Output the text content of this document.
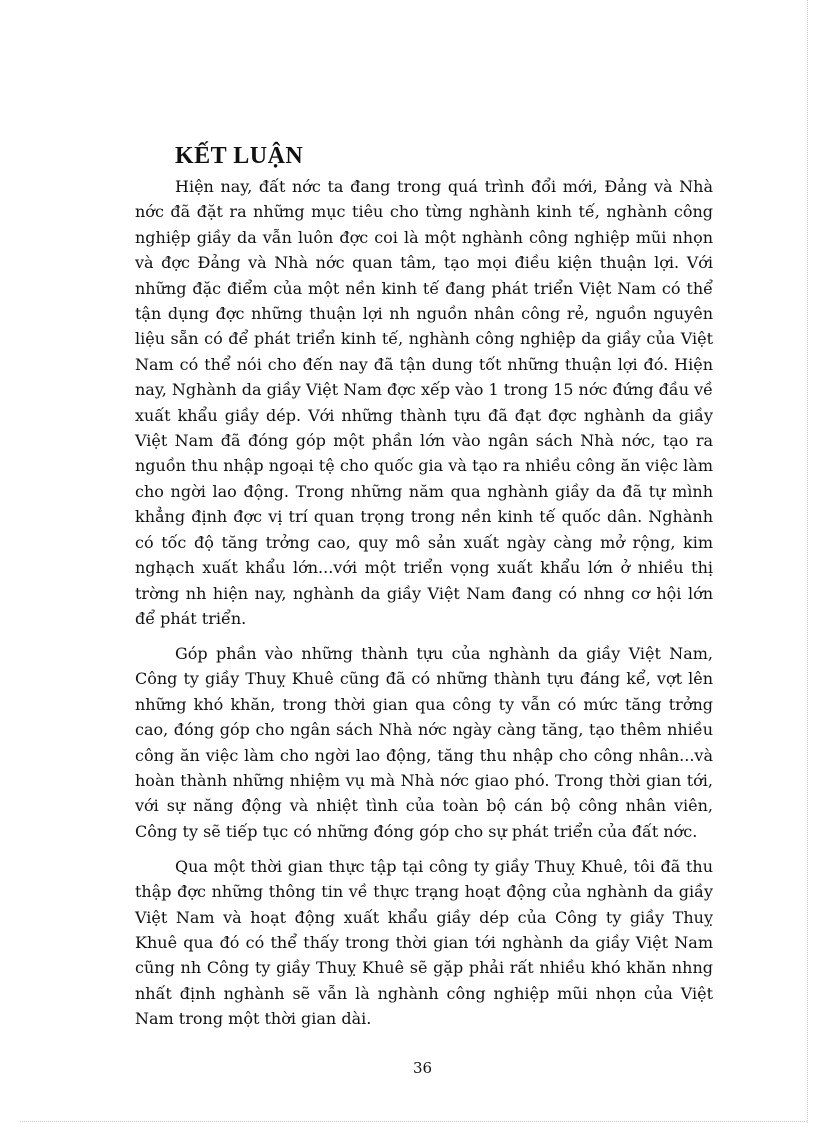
KẾT LUẬN

Hiện nay, đất nớc ta đang trong quá trình đổi mới, Đảng và Nhà nớc đã đặt ra những mục tiêu cho từng nghành kinh tế, nghành công nghiệp giầy da vẫn luôn đợc coi là một nghành công nghiệp mũi nhọn và đợc Đảng và Nhà nớc quan tâm, tạo mọi điều kiện thuận lợi. Với những đặc điểm của một nền kinh tế đang phát triển Việt Nam có thể tận dụng đợc những thuận lợi nh nguồn nhân công rẻ, nguồn nguyên liệu sẵn có để phát triển kinh tế, nghành công nghiệp da giầy của Việt Nam có thể nói cho đến nay đã tận dung tốt những thuận lợi đó. Hiện nay, Nghành da giầy Việt Nam đợc xếp vào 1 trong 15 nớc đứng đầu về xuất khẩu giầy dép. Với những thành tựu đã đạt đợc nghành da giầy Việt Nam đã đóng góp một phần lớn vào ngân sách Nhà nớc, tạo ra nguồn thu nhập ngoại tệ cho quốc gia và tạo ra nhiều công ăn việc làm cho ngời lao động. Trong những năm qua nghành giầy da đã tự mình khẳng định đợc vị trí quan trọng trong nền kinh tế quốc dân. Nghành có tốc độ tăng trởng cao, quy mô sản xuất ngày càng mở rộng, kim nghạch xuất khẩu lớn...với một triển vọng xuất khẩu lớn ở nhiều thị trờng nh hiện nay, nghành da giầy Việt Nam đang có nhng cơ hội lớn để phát triển.

Góp phần vào những thành tựu của nghành da giầy Việt Nam, Công ty giầy Thuỵ Khuê cũng đã có những thành tựu đáng kể, vợt lên những khó khăn, trong thời gian qua công ty vẫn có mức tăng trởng cao, đóng góp cho ngân sách Nhà nớc ngày càng tăng, tạo thêm nhiều công ăn việc làm cho ngời lao động, tăng thu nhập cho công nhân...và hoàn thành những nhiệm vụ mà Nhà nớc giao phó. Trong thời gian tới, với sự năng động và nhiệt tình của toàn bộ cán bộ công nhân viên, Công ty sẽ tiếp tục có những đóng góp cho sự phát triển của đất nớc.

Qua một thời gian thực tập tại công ty giầy Thuỵ Khuê, tôi đã thu thập đợc những thông tin về thực trạng hoạt động của nghành da giầy Việt Nam và hoạt động xuất khẩu giầy dép của Công ty giầy Thuỵ Khuê qua đó có thể thấy trong thời gian tới nghành da giầy Việt Nam cũng nh Công ty giầy Thuỵ Khuê sẽ gặp phải rất nhiều khó khăn nhng nhất định nghành sẽ vẫn là nghành công nghiệp mũi nhọn của Việt Nam trong một thời gian dài.

36
